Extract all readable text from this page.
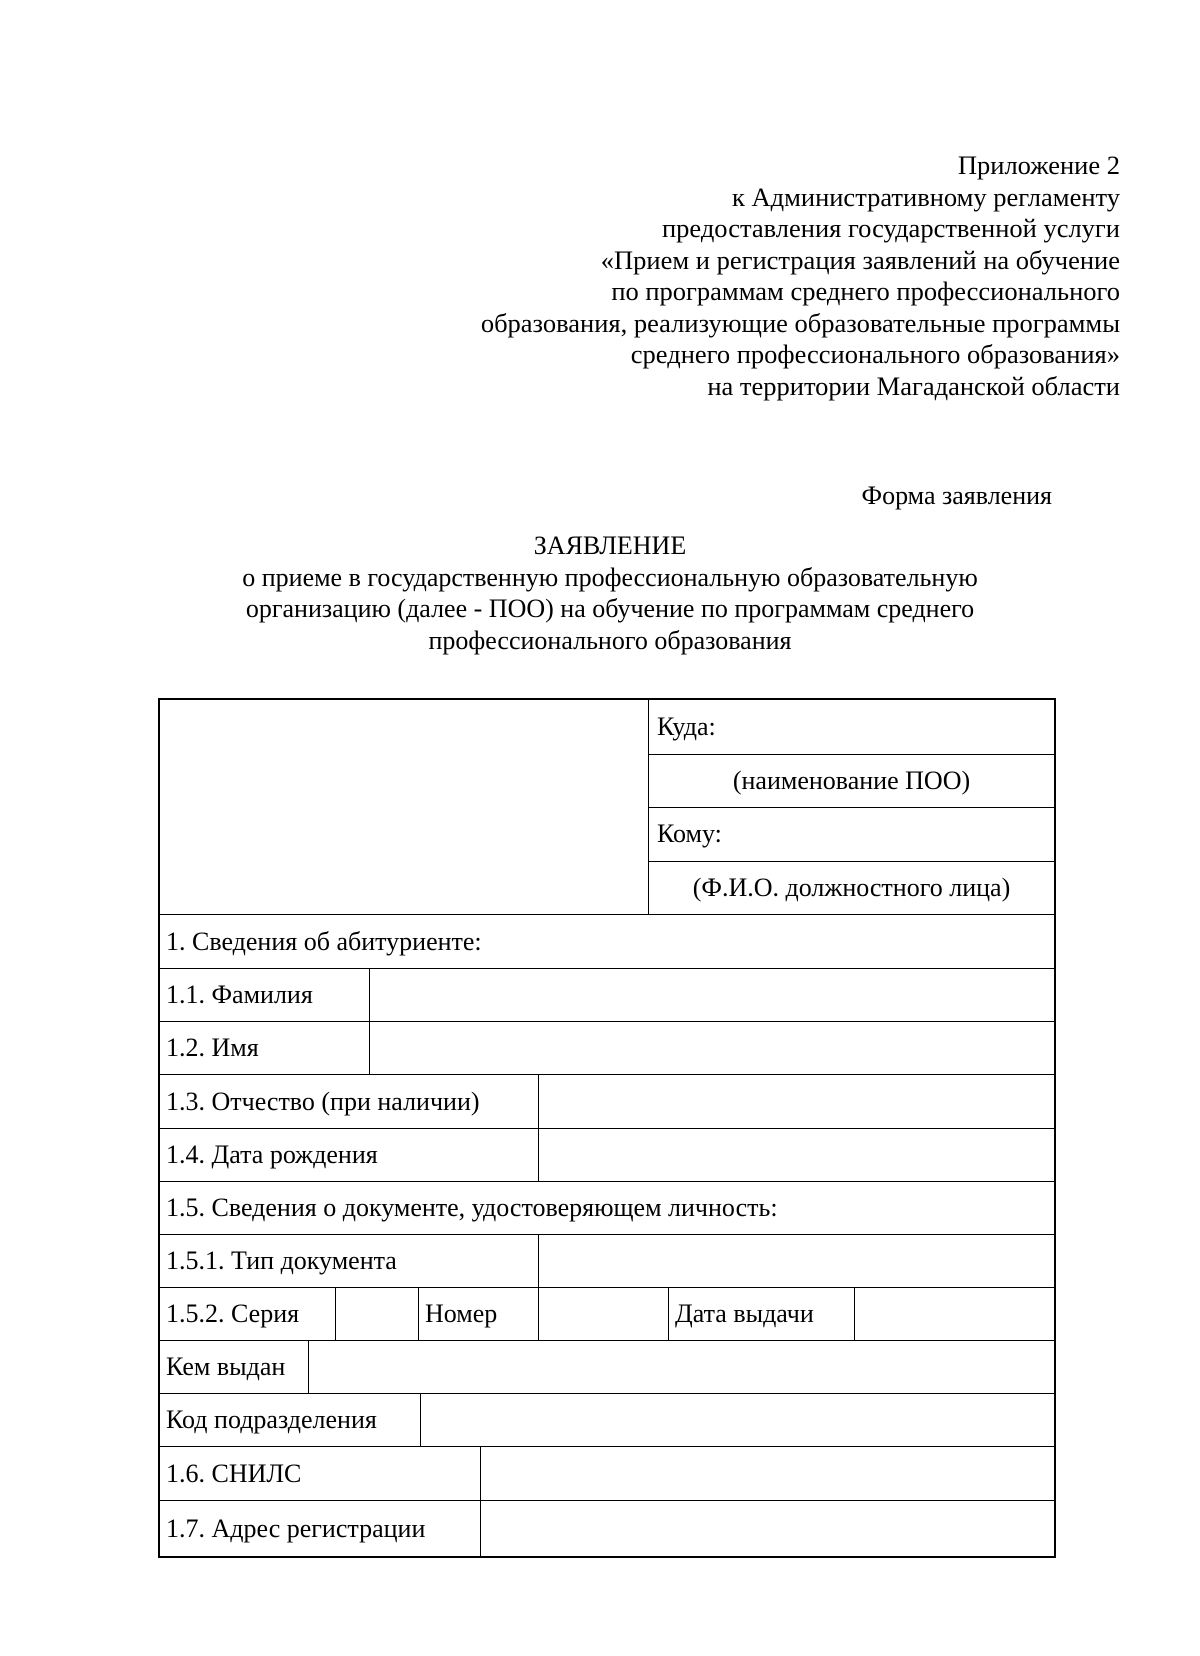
Приложение 2
к Административному регламенту
предоставления государственной услуги
«Прием и регистрация заявлений на обучение
по программам среднего профессионального
образования, реализующие образовательные программы
среднего профессионального образования»
на территории Магаданской области
Форма заявления
ЗАЯВЛЕНИЕ
о приеме в государственную профессиональную образовательную
организацию (далее - ПОО) на обучение по программам среднего
профессионального образования
Куда:
(наименование ПОО)
Кому:
(Ф.И.О. должностного лица)
1. Сведения об абитуриенте:
1.1. Фамилия
1.2. Имя
1.3. Отчество (при наличии)
1.4. Дата рождения
1.5. Сведения о документе, удостоверяющем личность:
1.5.1. Тип документа
1.5.2. Серия	Номер	Дата выдачи
Кем выдан
Код подразделения
1.6. СНИЛС
1.7. Адрес регистрации
